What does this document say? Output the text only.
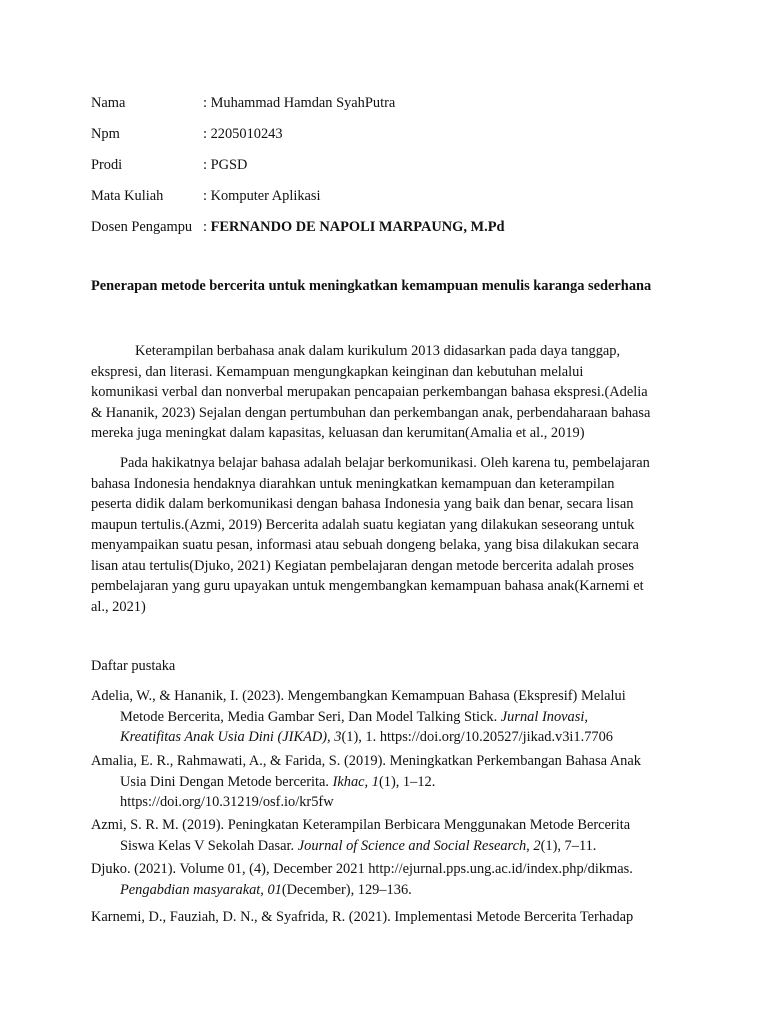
Nama	: Muhammad Hamdan SyahPutra
Npm	: 2205010243
Prodi	: PGSD
Mata Kuliah	: Komputer Aplikasi
Dosen Pengampu : FERNANDO DE NAPOLI MARPAUNG, M.Pd
Penerapan metode bercerita untuk meningkatkan kemampuan menulis karanga sederhana

Keterampilan berbahasa anak dalam kurikulum 2013 didasarkan pada daya tanggap,
ekspresi, dan literasi. Kemampuan mengungkapkan keinginan dan kebutuhan melalui
komunikasi verbal dan nonverbal merupakan pencapaian perkembangan bahasa ekspresi.(Adelia
& Hananik, 2023) Sejalan dengan pertumbuhan dan perkembangan anak, perbendaharaan bahasa
mereka juga meningkat dalam kapasitas, keluasan dan kerumitan(Amalia et al., 2019)

Pada hakikatnya belajar bahasa adalah belajar berkomunikasi. Oleh karena tu, pembelajaran
bahasa Indonesia hendaknya diarahkan untuk meningkatkan kemampuan dan keterampilan
peserta didik dalam berkomunikasi dengan bahasa Indonesia yang baik dan benar, secara lisan
maupun tertulis.(Azmi, 2019) Bercerita adalah suatu kegiatan yang dilakukan seseorang untuk
menyampaikan suatu pesan, informasi atau sebuah dongeng belaka, yang bisa dilakukan secara
lisan atau tertulis(Djuko, 2021) Kegiatan pembelajaran dengan metode bercerita adalah proses
pembelajaran yang guru upayakan untuk mengembangkan kemampuan bahasa anak(Karnemi et
al., 2021)

Daftar pustaka
Adelia, W., & Hananik, I. (2023). Mengembangkan Kemampuan Bahasa (Ekspresif) Melalui
Metode Bercerita, Media Gambar Seri, Dan Model Talking Stick. Jurnal Inovasi,
Kreatifitas Anak Usia Dini (JIKAD), 3(1), 1. https://doi.org/10.20527/jikad.v3i1.7706
Amalia, E. R., Rahmawati, A., & Farida, S. (2019). Meningkatkan Perkembangan Bahasa Anak
Usia Dini Dengan Metode bercerita. Ikhac, 1(1), 1–12.
https://doi.org/10.31219/osf.io/kr5fw
Azmi, S. R. M. (2019). Peningkatan Keterampilan Berbicara Menggunakan Metode Bercerita
Siswa Kelas V Sekolah Dasar. Journal of Science and Social Research, 2(1), 7–11.
Djuko. (2021). Volume 01, (4), December 2021 http://ejurnal.pps.ung.ac.id/index.php/dikmas.
Pengabdian masyarakat, 01(December), 129–136.
Karnemi, D., Fauziah, D. N., & Syafrida, R. (2021). Implementasi Metode Bercerita Terhadap
